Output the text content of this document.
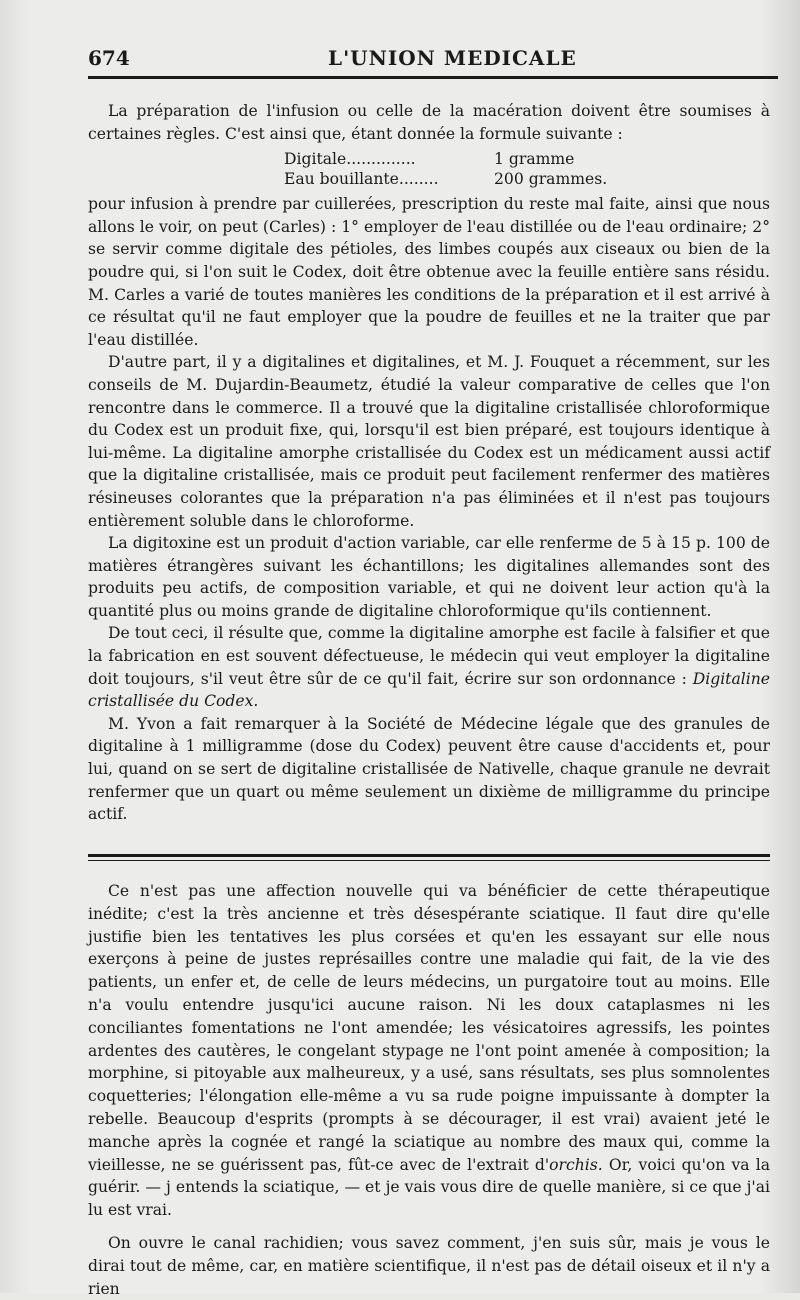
674	L'UNION MEDICALE

La préparation de l'infusion ou celle de la macération doivent être soumises à certaines règles. C'est ainsi que, étant donnée la formule suivante :

Digitale..............	1 gramme
Eau bouillante........	200 grammes.

pour infusion à prendre par cuillerées, prescription du reste mal faite, ainsi que nous allons le voir, on peut (Carles) : 1° employer de l'eau distillée ou de l'eau ordinaire; 2° se servir comme digitale des pétioles, des limbes coupés aux ciseaux ou bien de la poudre qui, si l'on suit le Codex, doit être obtenue avec la feuille entière sans résidu. M. Carles a varié de toutes manières les conditions de la préparation et il est arrivé à ce résultat qu'il ne faut employer que la poudre de feuilles et ne la traiter que par l'eau distillée.

D'autre part, il y a digitalines et digitalines, et M. J. Fouquet a récemment, sur les conseils de M. Dujardin-Beaumetz, étudié la valeur comparative de celles que l'on rencontre dans le commerce. Il a trouvé que la digitaline cristallisée chloroformique du Codex est un produit fixe, qui, lorsqu'il est bien préparé, est toujours identique à lui-même. La digitaline amorphe cristallisée du Codex est un médicament aussi actif que la digitaline cristallisée, mais ce produit peut facilement renfermer des matières résineuses colorantes que la préparation n'a pas éliminées et il n'est pas toujours entièrement soluble dans le chloroforme.

La digitoxine est un produit d'action variable, car elle renferme de 5 à 15 p. 100 de matières étrangères suivant les échantillons; les digitalines allemandes sont des produits peu actifs, de composition variable, et qui ne doivent leur action qu'à la quantité plus ou moins grande de digitaline chloroformique qu'ils contiennent.

De tout ceci, il résulte que, comme la digitaline amorphe est facile à falsifier et que la fabrication en est souvent défectueuse, le médecin qui veut employer la digitaline doit toujours, s'il veut être sûr de ce qu'il fait, écrire sur son ordonnance : Digitaline cristallisée du Codex.

M. Yvon a fait remarquer à la Société de Médecine légale que des granules de digitaline à 1 milligramme (dose du Codex) peuvent être cause d'accidents et, pour lui, quand on se sert de digitaline cristallisée de Nativelle, chaque granule ne devrait renfermer que un quart ou même seulement un dixième de milligramme du principe actif.

Ce n'est pas une affection nouvelle qui va bénéficier de cette thérapeutique inédite; c'est la très ancienne et très désespérante sciatique. Il faut dire qu'elle justifie bien les tentatives les plus corsées et qu'en les essayant sur elle nous exerçons à peine de justes représailles contre une maladie qui fait, de la vie des patients, un enfer et, de celle de leurs médecins, un purgatoire tout au moins. Elle n'a voulu entendre jusqu'ici aucune raison. Ni les doux cataplasmes ni les conciliantes fomentations ne l'ont amendée; les vésicatoires agressifs, les pointes ardentes des cautères, le congelant stypage ne l'ont point amenée à composition; la morphine, si pitoyable aux malheureux, y a usé, sans résultats, ses plus somnolentes coquetteries; l'élongation elle-même a vu sa rude poigne impuissante à dompter la rebelle. Beaucoup d'esprits (prompts à se décourager, il est vrai) avaient jeté le manche après la cognée et rangé la sciatique au nombre des maux qui, comme la vieillesse, ne se guérissent pas, fût-ce avec de l'extrait d'orchis. Or, voici qu'on va la guérir. — j entends la sciatique, — et je vais vous dire de quelle manière, si ce que j'ai lu est vrai.

On ouvre le canal rachidien; vous savez comment, j'en suis sûr, mais je vous le dirai tout de même, car, en matière scientifique, il n'est pas de détail oiseux et il n'y a rien
